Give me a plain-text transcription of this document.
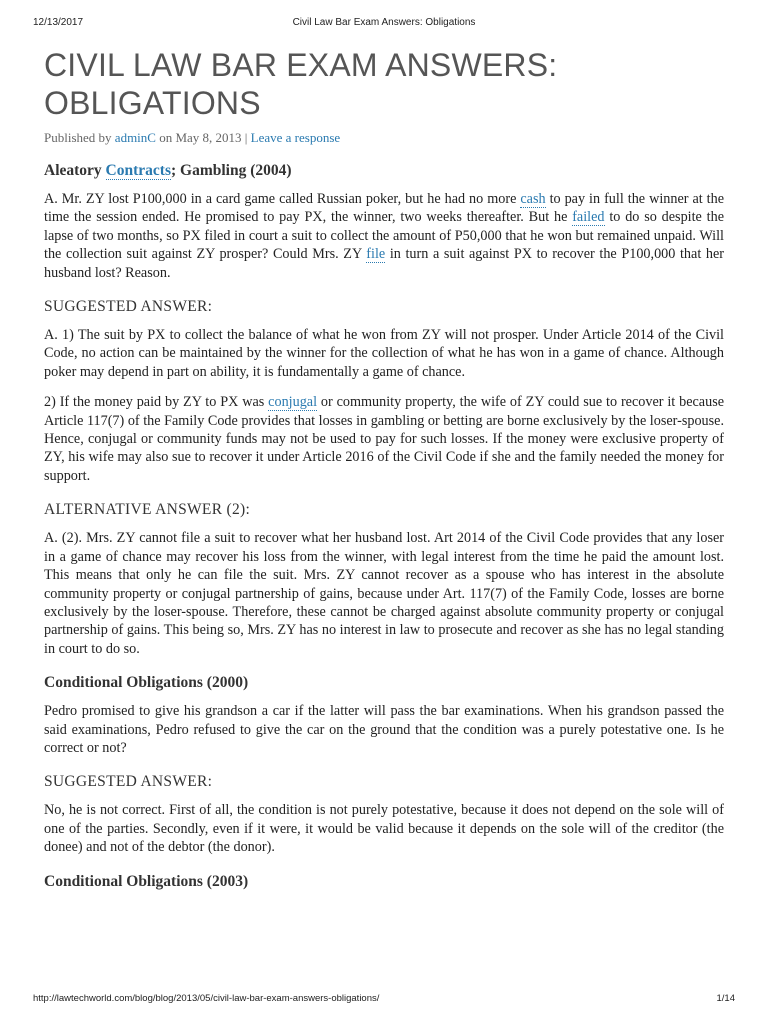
12/13/2017	Civil Law Bar Exam Answers: Obligations
CIVIL LAW BAR EXAM ANSWERS: OBLIGATIONS
Published by adminC on May 8, 2013 | Leave a response
Aleatory Contracts; Gambling (2004)

A. Mr. ZY lost P100,000 in a card game called Russian poker, but he had no more cash to pay in full the winner at the time the session ended. He promised to pay PX, the winner, two weeks thereafter. But he failed to do so despite the lapse of two months, so PX filed in court a suit to collect the amount of P50,000 that he won but remained unpaid. Will the collection suit against ZY prosper? Could Mrs. ZY file in turn a suit against PX to recover the P100,000 that her husband lost? Reason.

SUGGESTED ANSWER:

A. 1) The suit by PX to collect the balance of what he won from ZY will not prosper. Under Article 2014 of the Civil Code, no action can be maintained by the winner for the collection of what he has won in a game of chance. Although poker may depend in part on ability, it is fundamentally a game of chance.

2) If the money paid by ZY to PX was conjugal or community property, the wife of ZY could sue to recover it because Article 117(7) of the Family Code provides that losses in gambling or betting are borne exclusively by the loser-spouse. Hence, conjugal or community funds may not be used to pay for such losses. If the money were exclusive property of ZY, his wife may also sue to recover it under Article 2016 of the Civil Code if she and the family needed the money for support.

ALTERNATIVE ANSWER (2):

A. (2). Mrs. ZY cannot file a suit to recover what her husband lost. Art 2014 of the Civil Code provides that any loser in a game of chance may recover his loss from the winner, with legal interest from the time he paid the amount lost. This means that only he can file the suit. Mrs. ZY cannot recover as a spouse who has interest in the absolute community property or conjugal partnership of gains, because under Art. 117(7) of the Family Code, losses are borne exclusively by the loser-spouse. Therefore, these cannot be charged against absolute community property or conjugal partnership of gains. This being so, Mrs. ZY has no interest in law to prosecute and recover as she has no legal standing in court to do so.

Conditional Obligations (2000)

Pedro promised to give his grandson a car if the latter will pass the bar examinations. When his grandson passed the said examinations, Pedro refused to give the car on the ground that the condition was a purely potestative one. Is he correct or not?

SUGGESTED ANSWER:

No, he is not correct. First of all, the condition is not purely potestative, because it does not depend on the sole will of one of the parties. Secondly, even if it were, it would be valid because it depends on the sole will of the creditor (the donee) and not of the debtor (the donor).

Conditional Obligations (2003)
http://lawtechworld.com/blog/blog/2013/05/civil-law-bar-exam-answers-obligations/	1/14
